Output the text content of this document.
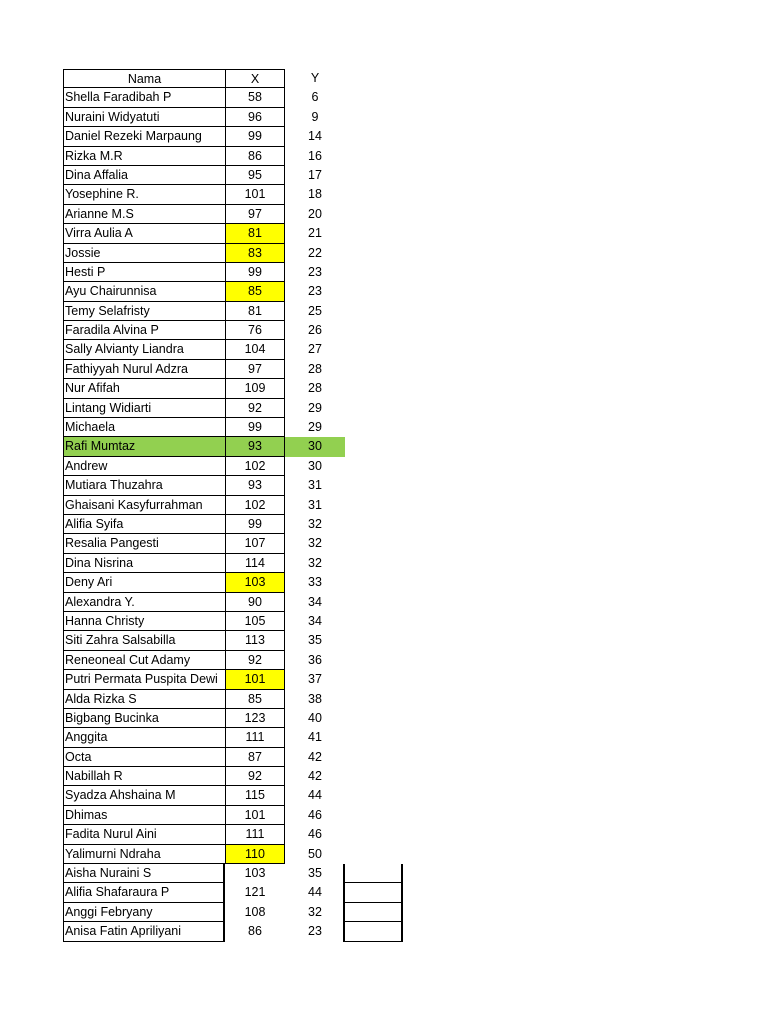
Nama	X	Y
Shella Faradibah P	58	6
Nuraini Widyatuti	96	9
Daniel Rezeki Marpaung	99	14
Rizka M.R	86	16
Dina Affalia	95	17
Yosephine R.	101	18
Arianne M.S	97	20
Virra Aulia A	81	21
Jossie	83	22
Hesti P	99	23
Ayu Chairunnisa	85	23
Temy Selafristy	81	25
Faradila Alvina P	76	26
Sally Alvianty Liandra	104	27
Fathiyyah Nurul Adzra	97	28
Nur Afifah	109	28
Lintang Widiarti	92	29
Michaela	99	29
Rafi Mumtaz	93	30
Andrew	102	30
Mutiara Thuzahra	93	31
Ghaisani Kasyfurrahman	102	31
Alifia Syifa	99	32
Resalia Pangesti	107	32
Dina Nisrina	114	32
Deny Ari	103	33
Alexandra Y.	90	34
Hanna Christy	105	34
Siti Zahra Salsabilla	113	35
Reneoneal Cut Adamy	92	36
Putri Permata Puspita Dewi	101	37
Alda Rizka S	85	38
Bigbang Bucinka	123	40
Anggita	111	41
Octa	87	42
Nabillah R	92	42
Syadza Ahshaina M	115	44
Dhimas	101	46
Fadita Nurul Aini	111	46
Yalimurni Ndraha	110	50
Aisha Nuraini S	103	35
Alifia Shafaraura P	121	44
Anggi Febryany	108	32
Anisa Fatin Apriliyani	86	23
